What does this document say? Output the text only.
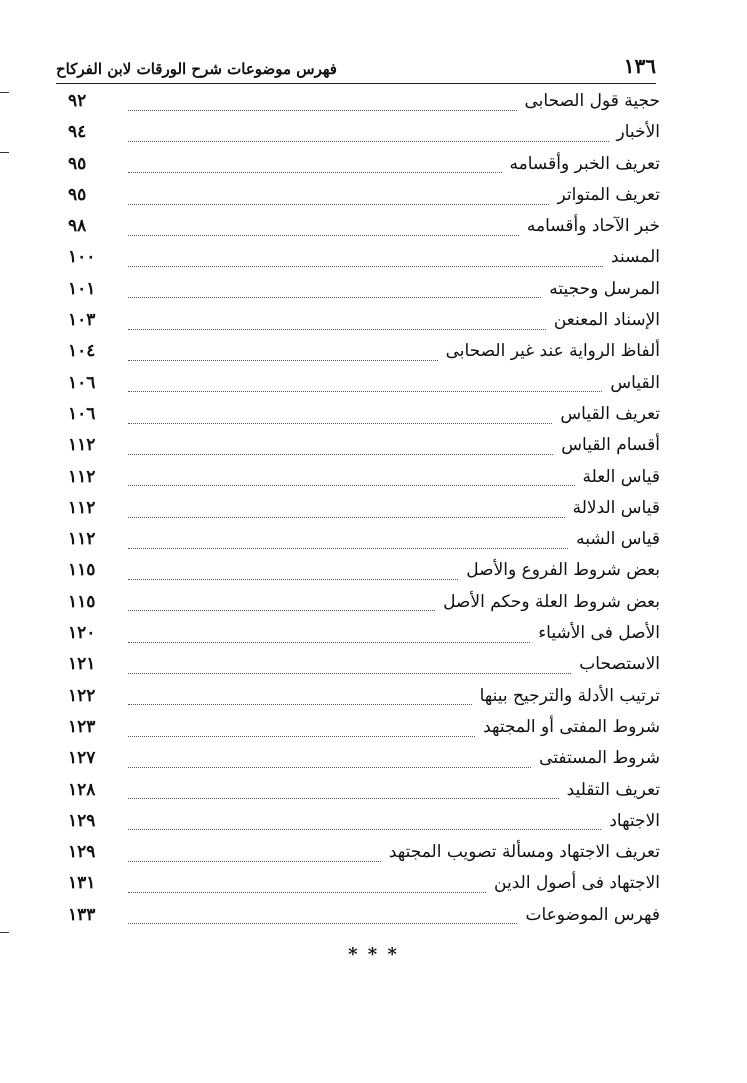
١٣٦
فهرس موضوعات شرح الورقات لابن الفركاح
حجية قول الصحابى
٩٢
الأخبار
٩٤
تعريف الخبر وأقسامه
٩٥
تعريف المتواتر
٩٥
خبر الآحاد وأقسامه
٩٨
المسند
١٠٠
المرسل وحجيته
١٠١
الإسناد المعنعن
١٠٣
ألفاظ الرواية عند غير الصحابى
١٠٤
القياس
١٠٦
تعريف القياس
١٠٦
أقسام القياس
١١٢
قياس العلة
١١٢
قياس الدلالة
١١٢
قياس الشبه
١١٢
بعض شروط الفروع والأصل
١١٥
بعض شروط العلة وحكم الأصل
١١٥
الأصل فى الأشياء
١٢٠
الاستصحاب
١٢١
ترتيب الأدلة والترجيح بينها
١٢٢
شروط المفتى أو المجتهد
١٢٣
شروط المستفتى
١٢٧
تعريف التقليد
١٢٨
الاجتهاد
١٢٩
تعريف الاجتهاد ومسألة تصويب المجتهد
١٢٩
الاجتهاد فى أصول الدين
١٣١
فهرس الموضوعات
١٣٣
* * *
